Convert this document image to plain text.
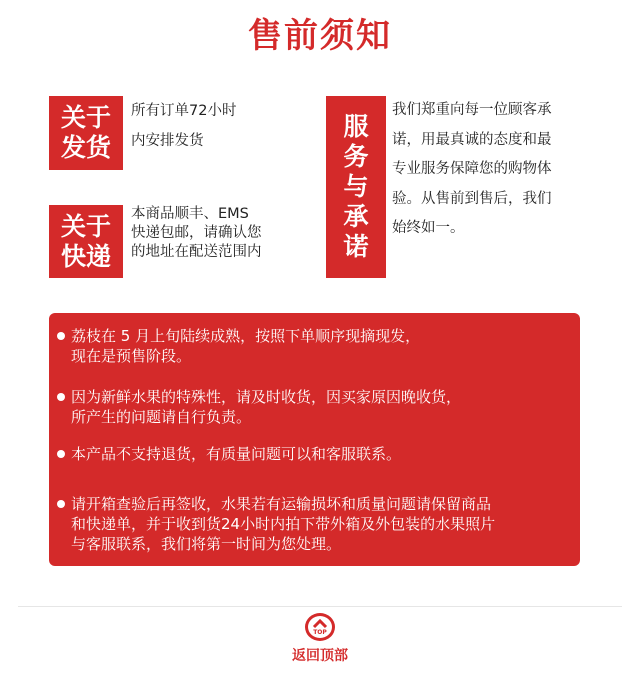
售前须知
关于
发货

所有订单72小时

内安排发货

关于
快递

本商品顺丰、EMS

快递包邮，请确认您

的地址在配送范围内

服
务
与
承
诺

我们郑重向每一位顾客承

诺，用最真诚的态度和最

专业服务保障您的购物体

验。从售前到售后，我们

始终如一。

荔枝在 5 月上旬陆续成熟，按照下单顺序现摘现发，
现在是预售阶段。
因为新鲜水果的特殊性，请及时收货，因买家原因晚收货，
所产生的问题请自行负责。
本产品不支持退货，有质量问题可以和客服联系。
请开箱查验后再签收，水果若有运输损坏和质量问题请保留商品
和快递单，并于收到货24小时内拍下带外箱及外包装的水果照片
与客服联系，我们将第一时间为您处理。
TOP
返回顶部
